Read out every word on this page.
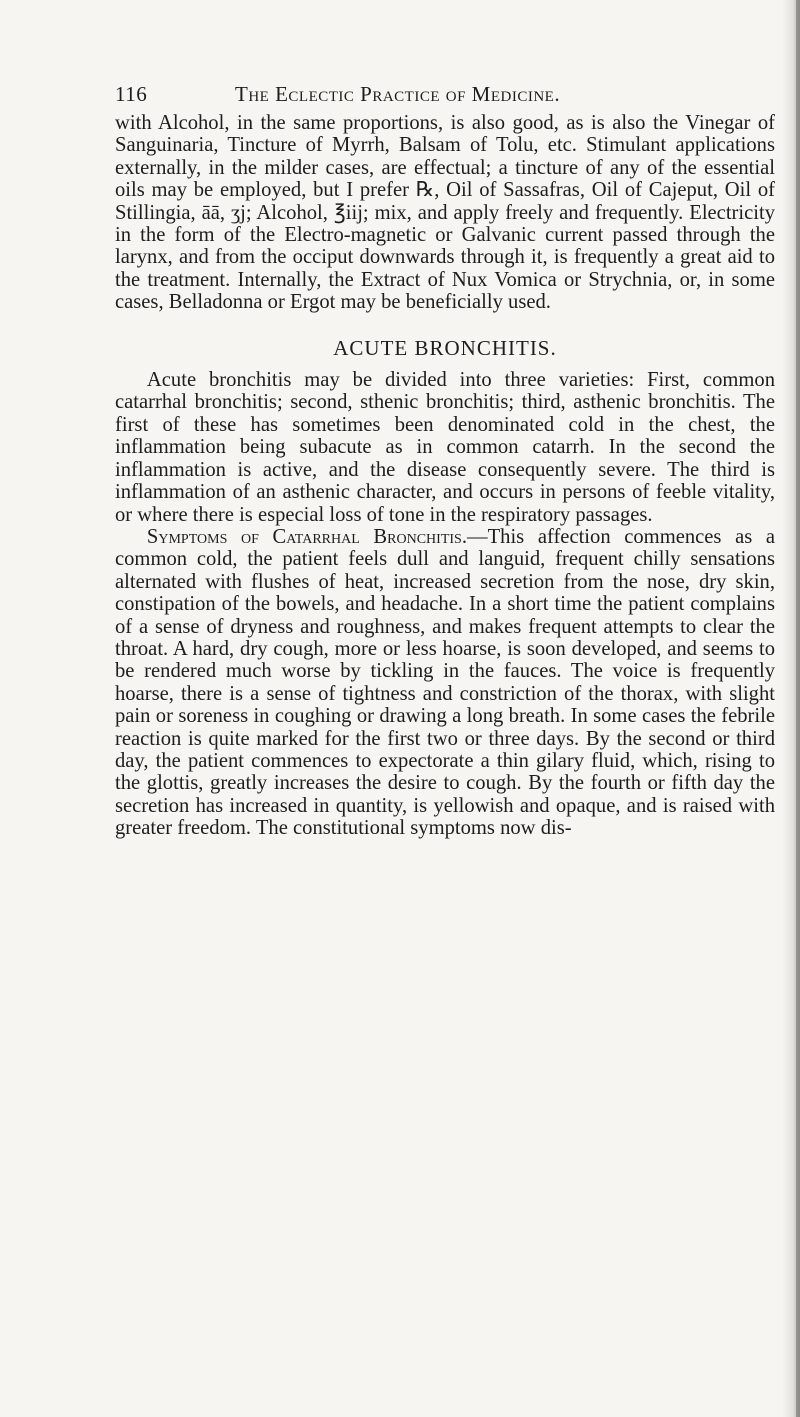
116	The Eclectic Practice of Medicine.

with Alcohol, in the same proportions, is also good, as is also the Vinegar of Sanguinaria, Tincture of Myrrh, Balsam of Tolu, etc. Stimulant applications externally, in the milder cases, are effectual; a tincture of any of the essential oils may be employed, but I prefer ℞, Oil of Sassafras, Oil of Cajeput, Oil of Stillingia, āā, ʒj; Alcohol, ℥iij; mix, and apply freely and frequently. Electricity in the form of the Electro-magnetic or Galvanic current passed through the larynx, and from the occiput downwards through it, is frequently a great aid to the treatment. Internally, the Extract of Nux Vomica or Strychnia, or, in some cases, Belladonna or Ergot may be beneficially used.

ACUTE BRONCHITIS.

Acute bronchitis may be divided into three varieties: First, common catarrhal bronchitis; second, sthenic bronchitis; third, asthenic bronchitis. The first of these has sometimes been denominated cold in the chest, the inflammation being subacute as in common catarrh. In the second the inflammation is active, and the disease consequently severe. The third is inflammation of an asthenic character, and occurs in persons of feeble vitality, or where there is especial loss of tone in the respiratory passages.

Symptoms of Catarrhal Bronchitis.—This affection commences as a common cold, the patient feels dull and languid, frequent chilly sensations alternated with flushes of heat, increased secretion from the nose, dry skin, constipation of the bowels, and headache. In a short time the patient complains of a sense of dryness and roughness, and makes frequent attempts to clear the throat. A hard, dry cough, more or less hoarse, is soon developed, and seems to be rendered much worse by tickling in the fauces. The voice is frequently hoarse, there is a sense of tightness and constriction of the thorax, with slight pain or soreness in coughing or drawing a long breath. In some cases the febrile reaction is quite marked for the first two or three days. By the second or third day, the patient commences to expectorate a thin gilary fluid, which, rising to the glottis, greatly increases the desire to cough. By the fourth or fifth day the secretion has increased in quantity, is yellowish and opaque, and is raised with greater freedom. The constitutional symptoms now dis-
